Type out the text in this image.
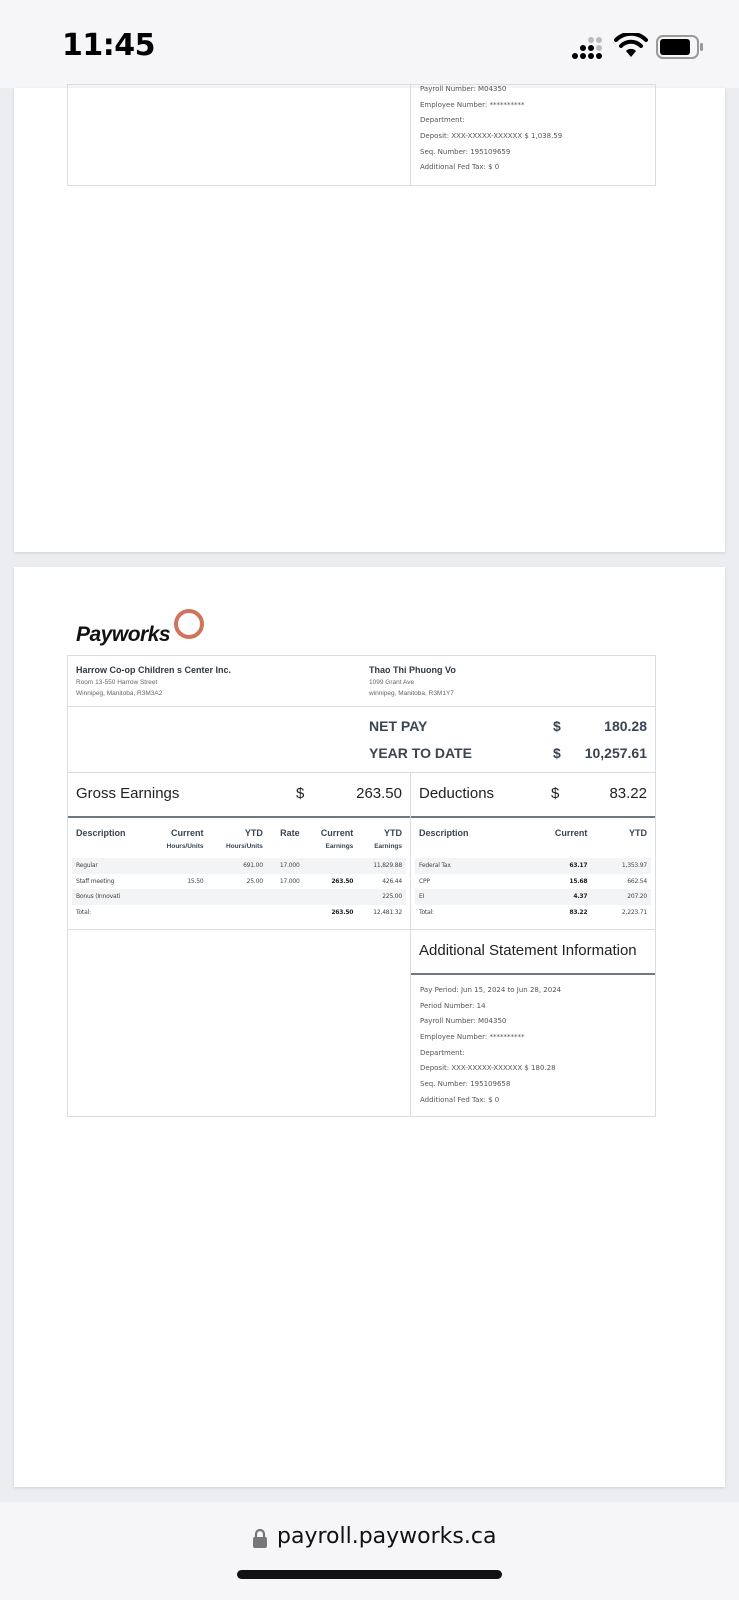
11:45
Payroll Number: M04350
Employee Number: **********
Department:
Deposit: XXX-XXXXX-XXXXXX $ 1,038.59
Seq. Number: 195109659
Additional Fed Tax: $ 0
Payworks
Harrow Co-op Children s Center Inc.
Room 13-550 Harrow Street
Winnipeg, Manitoba, R3M3A2
Thao Thi Phuong Vo
1099 Grant Ave
winnipeg, Manitoba, R3M1Y7
NET PAY	$	180.28
YEAR TO DATE	$ 10,257.61
Gross Earnings	$	263.50
Description	Current	YTD	Rate	Current	YTD
	Hours/Units	Hours/Units		Earnings	Earnings
Regular		691.00	17.000		11,829.88
Staff meeting	15.50	25.00	17.000	263.50	426.44
Bonus (Innovati					225.00
Total:				263.50	12,481.32
Deductions	$	83.22
Description	Current	YTD

Federal Tax	63.17	1,353.97
CPP	15.68	662.54
EI	4.37	207.20
Total:	83.22	2,223.71
Additional Statement Information
Pay Period: Jun 15, 2024 to Jun 28, 2024
Period Number: 14
Payroll Number: M04350
Employee Number: **********
Department:
Deposit: XXX-XXXXX-XXXXXX $ 180.28
Seq. Number: 195109658
Additional Fed Tax: $ 0
payroll.payworks.ca
